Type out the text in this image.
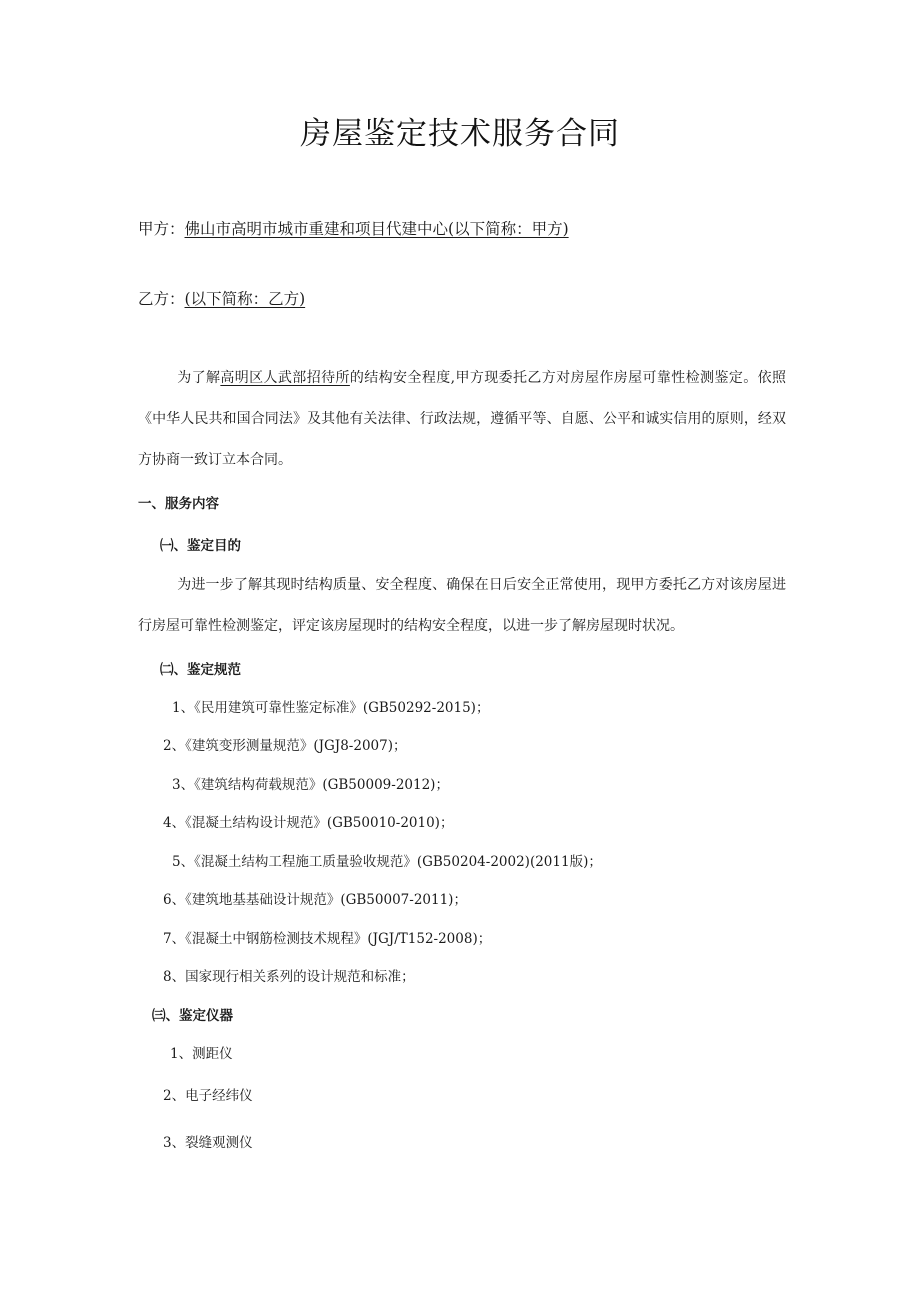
房屋鉴定技术服务合同
甲方：佛山市高明市城市重建和项目代建中心(以下简称：甲方)
乙方：(以下简称：乙方)
为了解高明区人武部招待所的结构安全程度,甲方现委托乙方对房屋作房屋可靠性检测鉴定。依照《中华人民共和国合同法》及其他有关法律、行政法规，遵循平等、自愿、公平和诚实信用的原则，经双方协商一致订立本合同。
一、服务内容
㈠、鉴定目的
为进一步了解其现时结构质量、安全程度、确保在日后安全正常使用，现甲方委托乙方对该房屋进行房屋可靠性检测鉴定，评定该房屋现时的结构安全程度，以进一步了解房屋现时状况。
㈡、鉴定规范
1、《民用建筑可靠性鉴定标准》(GB50292-2015)；
2、《建筑变形测量规范》(JGJ8-2007)；
3、《建筑结构荷载规范》(GB50009-2012)；
4、《混凝土结构设计规范》(GB50010-2010)；
5、《混凝土结构工程施工质量验收规范》(GB50204-2002)(2011版)；
6、《建筑地基基础设计规范》(GB50007-2011)；
7、《混凝土中钢筋检测技术规程》(JGJ/T152-2008)；
8、国家现行相关系列的设计规范和标准；
㈢、鉴定仪器
1、测距仪
2、电子经纬仪
3、裂缝观测仪
